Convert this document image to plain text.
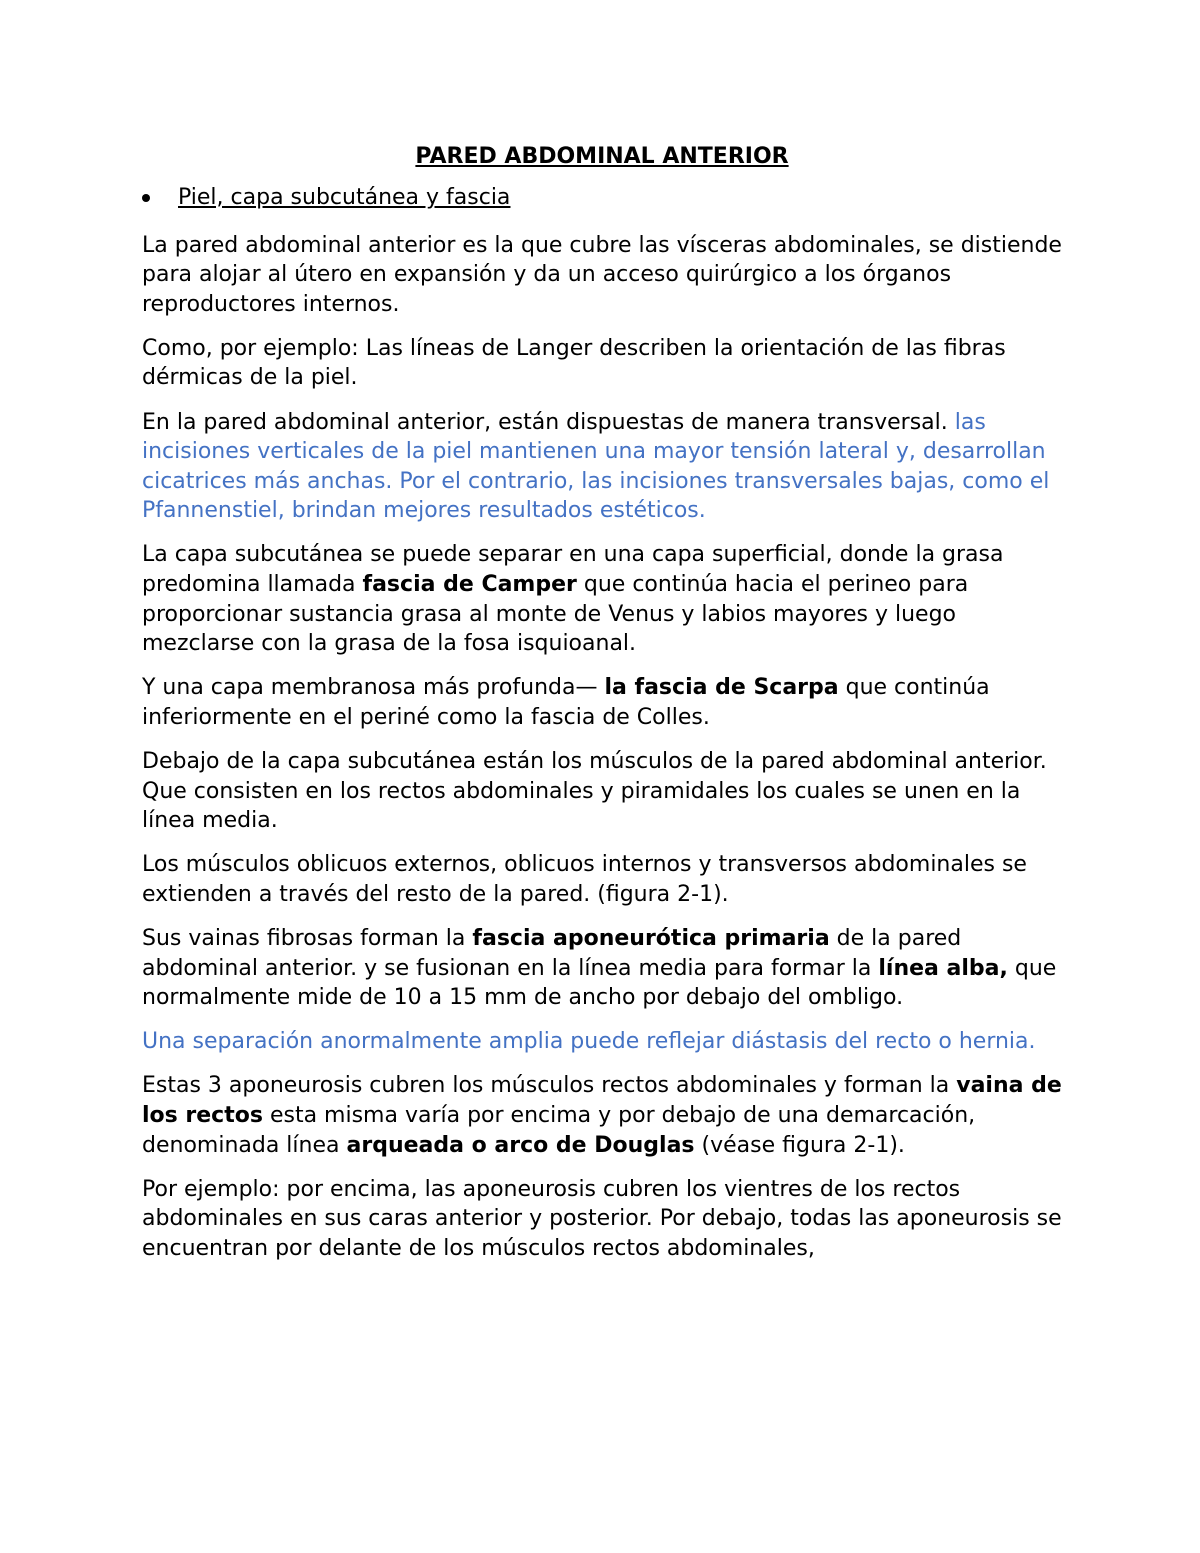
PARED ABDOMINAL ANTERIOR
Piel, capa subcutánea y fascia

La pared abdominal anterior es la que cubre las vísceras abdominales, se distiende para alojar al útero en expansión y da un acceso quirúrgico a los órganos reproductores internos.

Como, por ejemplo: Las líneas de Langer describen la orientación de las fibras dérmicas de la piel.

En la pared abdominal anterior, están dispuestas de manera transversal. las incisiones verticales de la piel mantienen una mayor tensión lateral y, desarrollan cicatrices más anchas. Por el contrario, las incisiones transversales bajas, como el Pfannenstiel, brindan mejores resultados estéticos.

La capa subcutánea se puede separar en una capa superficial, donde la grasa predomina llamada fascia de Camper que continúa hacia el perineo para proporcionar sustancia grasa al monte de Venus y labios mayores y luego mezclarse con la grasa de la fosa isquioanal.

Y una capa membranosa más profunda— la fascia de Scarpa que continúa inferiormente en el periné como la fascia de Colles.

Debajo de la capa subcutánea están los músculos de la pared abdominal anterior. Que consisten en los rectos abdominales y piramidales los cuales se unen en la línea media.

Los músculos oblicuos externos, oblicuos internos y transversos abdominales se extienden a través del resto de la pared. (figura 2-1).

Sus vainas fibrosas forman la fascia aponeurótica primaria de la pared abdominal anterior. y se fusionan en la línea media para formar la línea alba, que normalmente mide de 10 a 15 mm de ancho por debajo del ombligo.

Una separación anormalmente amplia puede reflejar diástasis del recto o hernia.

Estas 3 aponeurosis cubren los músculos rectos abdominales y forman la vaina de los rectos esta misma varía por encima y por debajo de una demarcación, denominada línea arqueada o arco de Douglas (véase figura 2-1).

Por ejemplo: por encima, las aponeurosis cubren los vientres de los rectos abdominales en sus caras anterior y posterior. Por debajo, todas las aponeurosis se encuentran por delante de los músculos rectos abdominales,
